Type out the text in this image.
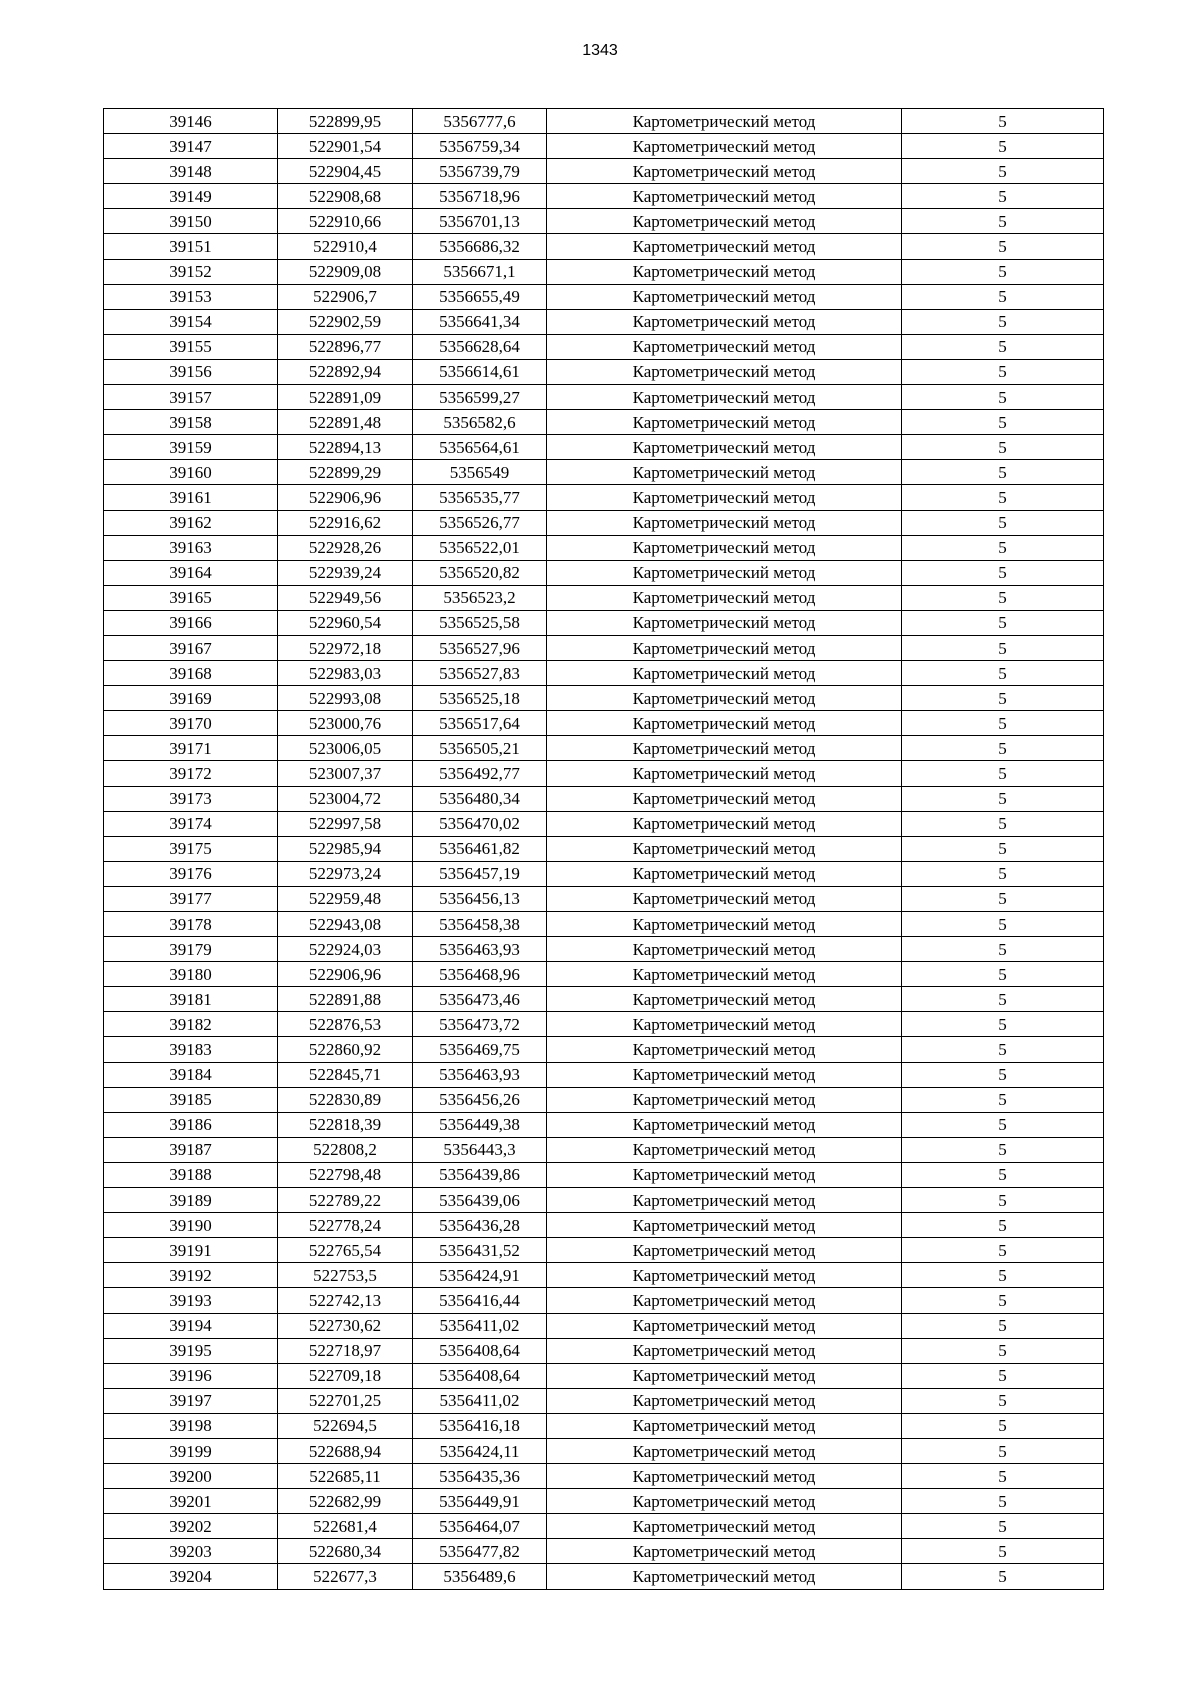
1343
39146	522899,95	5356777,6	Картометрический метод	5
39147	522901,54	5356759,34	Картометрический метод	5
39148	522904,45	5356739,79	Картометрический метод	5
39149	522908,68	5356718,96	Картометрический метод	5
39150	522910,66	5356701,13	Картометрический метод	5
39151	522910,4	5356686,32	Картометрический метод	5
39152	522909,08	5356671,1	Картометрический метод	5
39153	522906,7	5356655,49	Картометрический метод	5
39154	522902,59	5356641,34	Картометрический метод	5
39155	522896,77	5356628,64	Картометрический метод	5
39156	522892,94	5356614,61	Картометрический метод	5
39157	522891,09	5356599,27	Картометрический метод	5
39158	522891,48	5356582,6	Картометрический метод	5
39159	522894,13	5356564,61	Картометрический метод	5
39160	522899,29	5356549	Картометрический метод	5
39161	522906,96	5356535,77	Картометрический метод	5
39162	522916,62	5356526,77	Картометрический метод	5
39163	522928,26	5356522,01	Картометрический метод	5
39164	522939,24	5356520,82	Картометрический метод	5
39165	522949,56	5356523,2	Картометрический метод	5
39166	522960,54	5356525,58	Картометрический метод	5
39167	522972,18	5356527,96	Картометрический метод	5
39168	522983,03	5356527,83	Картометрический метод	5
39169	522993,08	5356525,18	Картометрический метод	5
39170	523000,76	5356517,64	Картометрический метод	5
39171	523006,05	5356505,21	Картометрический метод	5
39172	523007,37	5356492,77	Картометрический метод	5
39173	523004,72	5356480,34	Картометрический метод	5
39174	522997,58	5356470,02	Картометрический метод	5
39175	522985,94	5356461,82	Картометрический метод	5
39176	522973,24	5356457,19	Картометрический метод	5
39177	522959,48	5356456,13	Картометрический метод	5
39178	522943,08	5356458,38	Картометрический метод	5
39179	522924,03	5356463,93	Картометрический метод	5
39180	522906,96	5356468,96	Картометрический метод	5
39181	522891,88	5356473,46	Картометрический метод	5
39182	522876,53	5356473,72	Картометрический метод	5
39183	522860,92	5356469,75	Картометрический метод	5
39184	522845,71	5356463,93	Картометрический метод	5
39185	522830,89	5356456,26	Картометрический метод	5
39186	522818,39	5356449,38	Картометрический метод	5
39187	522808,2	5356443,3	Картометрический метод	5
39188	522798,48	5356439,86	Картометрический метод	5
39189	522789,22	5356439,06	Картометрический метод	5
39190	522778,24	5356436,28	Картометрический метод	5
39191	522765,54	5356431,52	Картометрический метод	5
39192	522753,5	5356424,91	Картометрический метод	5
39193	522742,13	5356416,44	Картометрический метод	5
39194	522730,62	5356411,02	Картометрический метод	5
39195	522718,97	5356408,64	Картометрический метод	5
39196	522709,18	5356408,64	Картометрический метод	5
39197	522701,25	5356411,02	Картометрический метод	5
39198	522694,5	5356416,18	Картометрический метод	5
39199	522688,94	5356424,11	Картометрический метод	5
39200	522685,11	5356435,36	Картометрический метод	5
39201	522682,99	5356449,91	Картометрический метод	5
39202	522681,4	5356464,07	Картометрический метод	5
39203	522680,34	5356477,82	Картометрический метод	5
39204	522677,3	5356489,6	Картометрический метод	5
